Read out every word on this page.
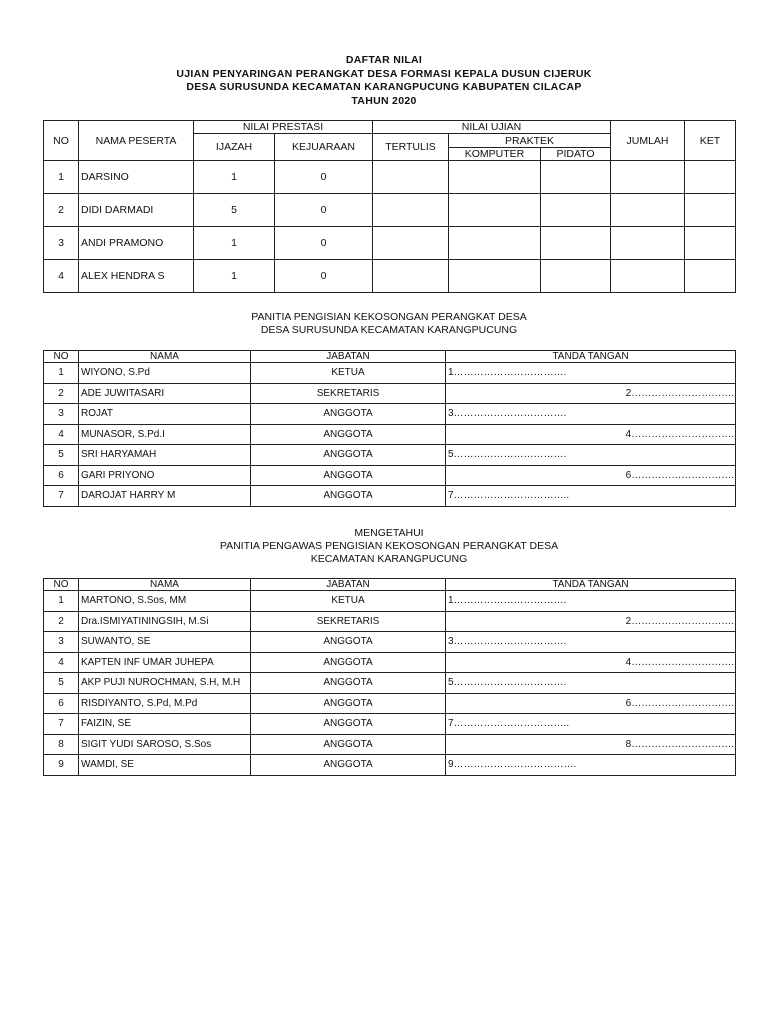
DAFTAR NILAI
UJIAN PENYARINGAN PERANGKAT DESA FORMASI KEPALA DUSUN CIJERUK
DESA SURUSUNDA KECAMATAN KARANGPUCUNG KABUPATEN CILACAP
TAHUN 2020
NO	NAMA PESERTA	NILAI PRESTASI		NILAI UJIAN			JUMLAH	KET
		IJAZAH	KEJUARAAN	TERTULIS	PRAKTEK			
					KOMPUTER	PIDATO		
1	DARSINO	1	0					
2	DIDI DARMADI	5	0					
3	ANDI PRAMONO	1	0					
4	ALEX HENDRA S	1	0					
PANITIA PENGISIAN KEKOSONGAN PERANGKAT DESA
DESA SURUSUNDA KECAMATAN KARANGPUCUNG
NO	NAMA	JABATAN	TANDA TANGAN
1	WIYONO, S.Pd	KETUA	1…………………………….
2	ADE JUWITASARI	SEKRETARIS	2………………………….
3	ROJAT	ANGGOTA	3…………………………….
4	MUNASOR, S.Pd.I	ANGGOTA	4………………………….
5	SRI HARYAMAH	ANGGOTA	5…………………………….
6	GARI PRIYONO	ANGGOTA	6………………………….
7	DAROJAT HARRY M	ANGGOTA	7……………………………..
MENGETAHUI
PANITIA PENGAWAS PENGISIAN KEKOSONGAN PERANGKAT DESA
KECAMATAN KARANGPUCUNG
NO	NAMA	JABATAN	TANDA TANGAN
1	MARTONO, S.Sos, MM	KETUA	1…………………………….
2	Dra.ISMIYATININGSIH, M.Si	SEKRETARIS	2………………………….
3	SUWANTO, SE	ANGGOTA	3…………………………….
4	KAPTEN INF UMAR JUHEPA	ANGGOTA	4………………………….
5	AKP PUJI NUROCHMAN, S.H, M.H	ANGGOTA	5…………………………….
6	RISDIYANTO, S.Pd, M.Pd	ANGGOTA	6………………………….
7	FAIZIN, SE	ANGGOTA	7……………………………..
8	SIGIT YUDI SAROSO, S.Sos	ANGGOTA	8………………………….
9	WAMDI, SE	ANGGOTA	9……………………………….
